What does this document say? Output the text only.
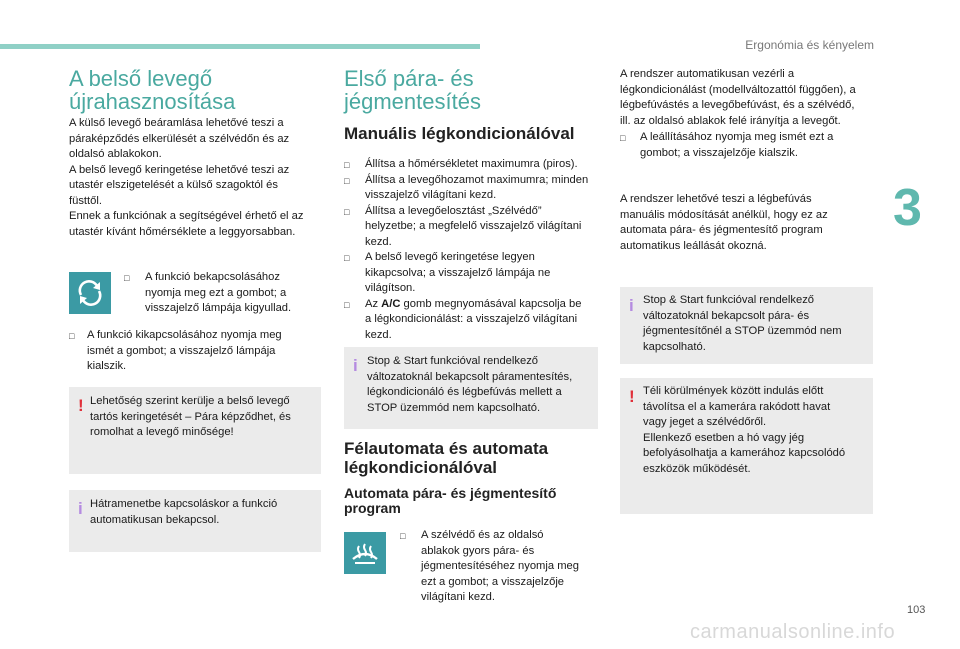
Ergonómia és kényelem
3
A belső levegő
újrahasznosítása
A külső levegő beáramlása lehetővé teszi a
páraképződés elkerülését a szélvédőn és az
oldalsó ablakokon.
A belső levegő keringetése lehetővé teszi az
utastér elszigetelését a külső szagoktól és
füsttől.
Ennek a funkciónak a segítségével érhető el az
utastér kívánt hőmérséklete a leggyorsabban.
□ A funkció bekapcsolásához
nyomja meg ezt a gombot; a
visszajelző lámpája kigyullad.
□ A funkció kikapcsolásához nyomja meg
ismét a gombot; a visszajelző lámpája
kialszik.
! Lehetőség szerint kerülje a belső levegő
tartós keringetését – Pára képződhet, és
romolhat a levegő minősége!
i Hátramenetbe kapcsoláskor a funkció
automatikusan bekapcsol.
Első pára- és
jégmentesítés
Manuális légkondicionálóval
□ Állítsa a hőmérsékletet maximumra (piros).
□ Állítsa a levegőhozamot maximumra; minden
visszajelző világítani kezd.
□ Állítsa a levegőelosztást „Szélvédő”
helyzetbe; a megfelelő visszajelző világítani
kezd.
□ A belső levegő keringetése legyen
kikapcsolva; a visszajelző lámpája ne
világítson.
□ Az A/C gomb megnyomásával kapcsolja be
a légkondicionálást: a visszajelző világítani
kezd.
i Stop & Start funkcióval rendelkező
változatoknál bekapcsolt páramentesítés,
légkondicionáló és légbefúvás mellett a
STOP üzemmód nem kapcsolható.
Félautomata és automata
légkondicionálóval
Automata pára- és jégmentesítő
program
□ A szélvédő és az oldalsó
ablakok gyors pára- és
jégmentesítéséhez nyomja meg
ezt a gombot; a visszajelzője
világítani kezd.
A rendszer automatikusan vezérli a
légkondicionálást (modellváltozattól függően), a
légbefúvástés a levegőbefúvást, és a szélvédő,
ill. az oldalsó ablakok felé irányítja a levegőt.
□ A leállításához nyomja meg ismét ezt a
gombot; a visszajelzője kialszik.
A rendszer lehetővé teszi a légbefúvás
manuális módosítását anélkül, hogy ez az
automata pára- és jégmentesítő program
automatikus leállását okozná.
i Stop & Start funkcióval rendelkező
változatoknál bekapcsolt pára- és
jégmentesítőnél a STOP üzemmód nem
kapcsolható.
! Téli körülmények között indulás előtt
távolítsa el a kamerára rakódott havat
vagy jeget a szélvédőről.
Ellenkező esetben a hó vagy jég
befolyásolhatja a kamerához kapcsolódó
eszközök működését.
103
carmanualsonline.info
